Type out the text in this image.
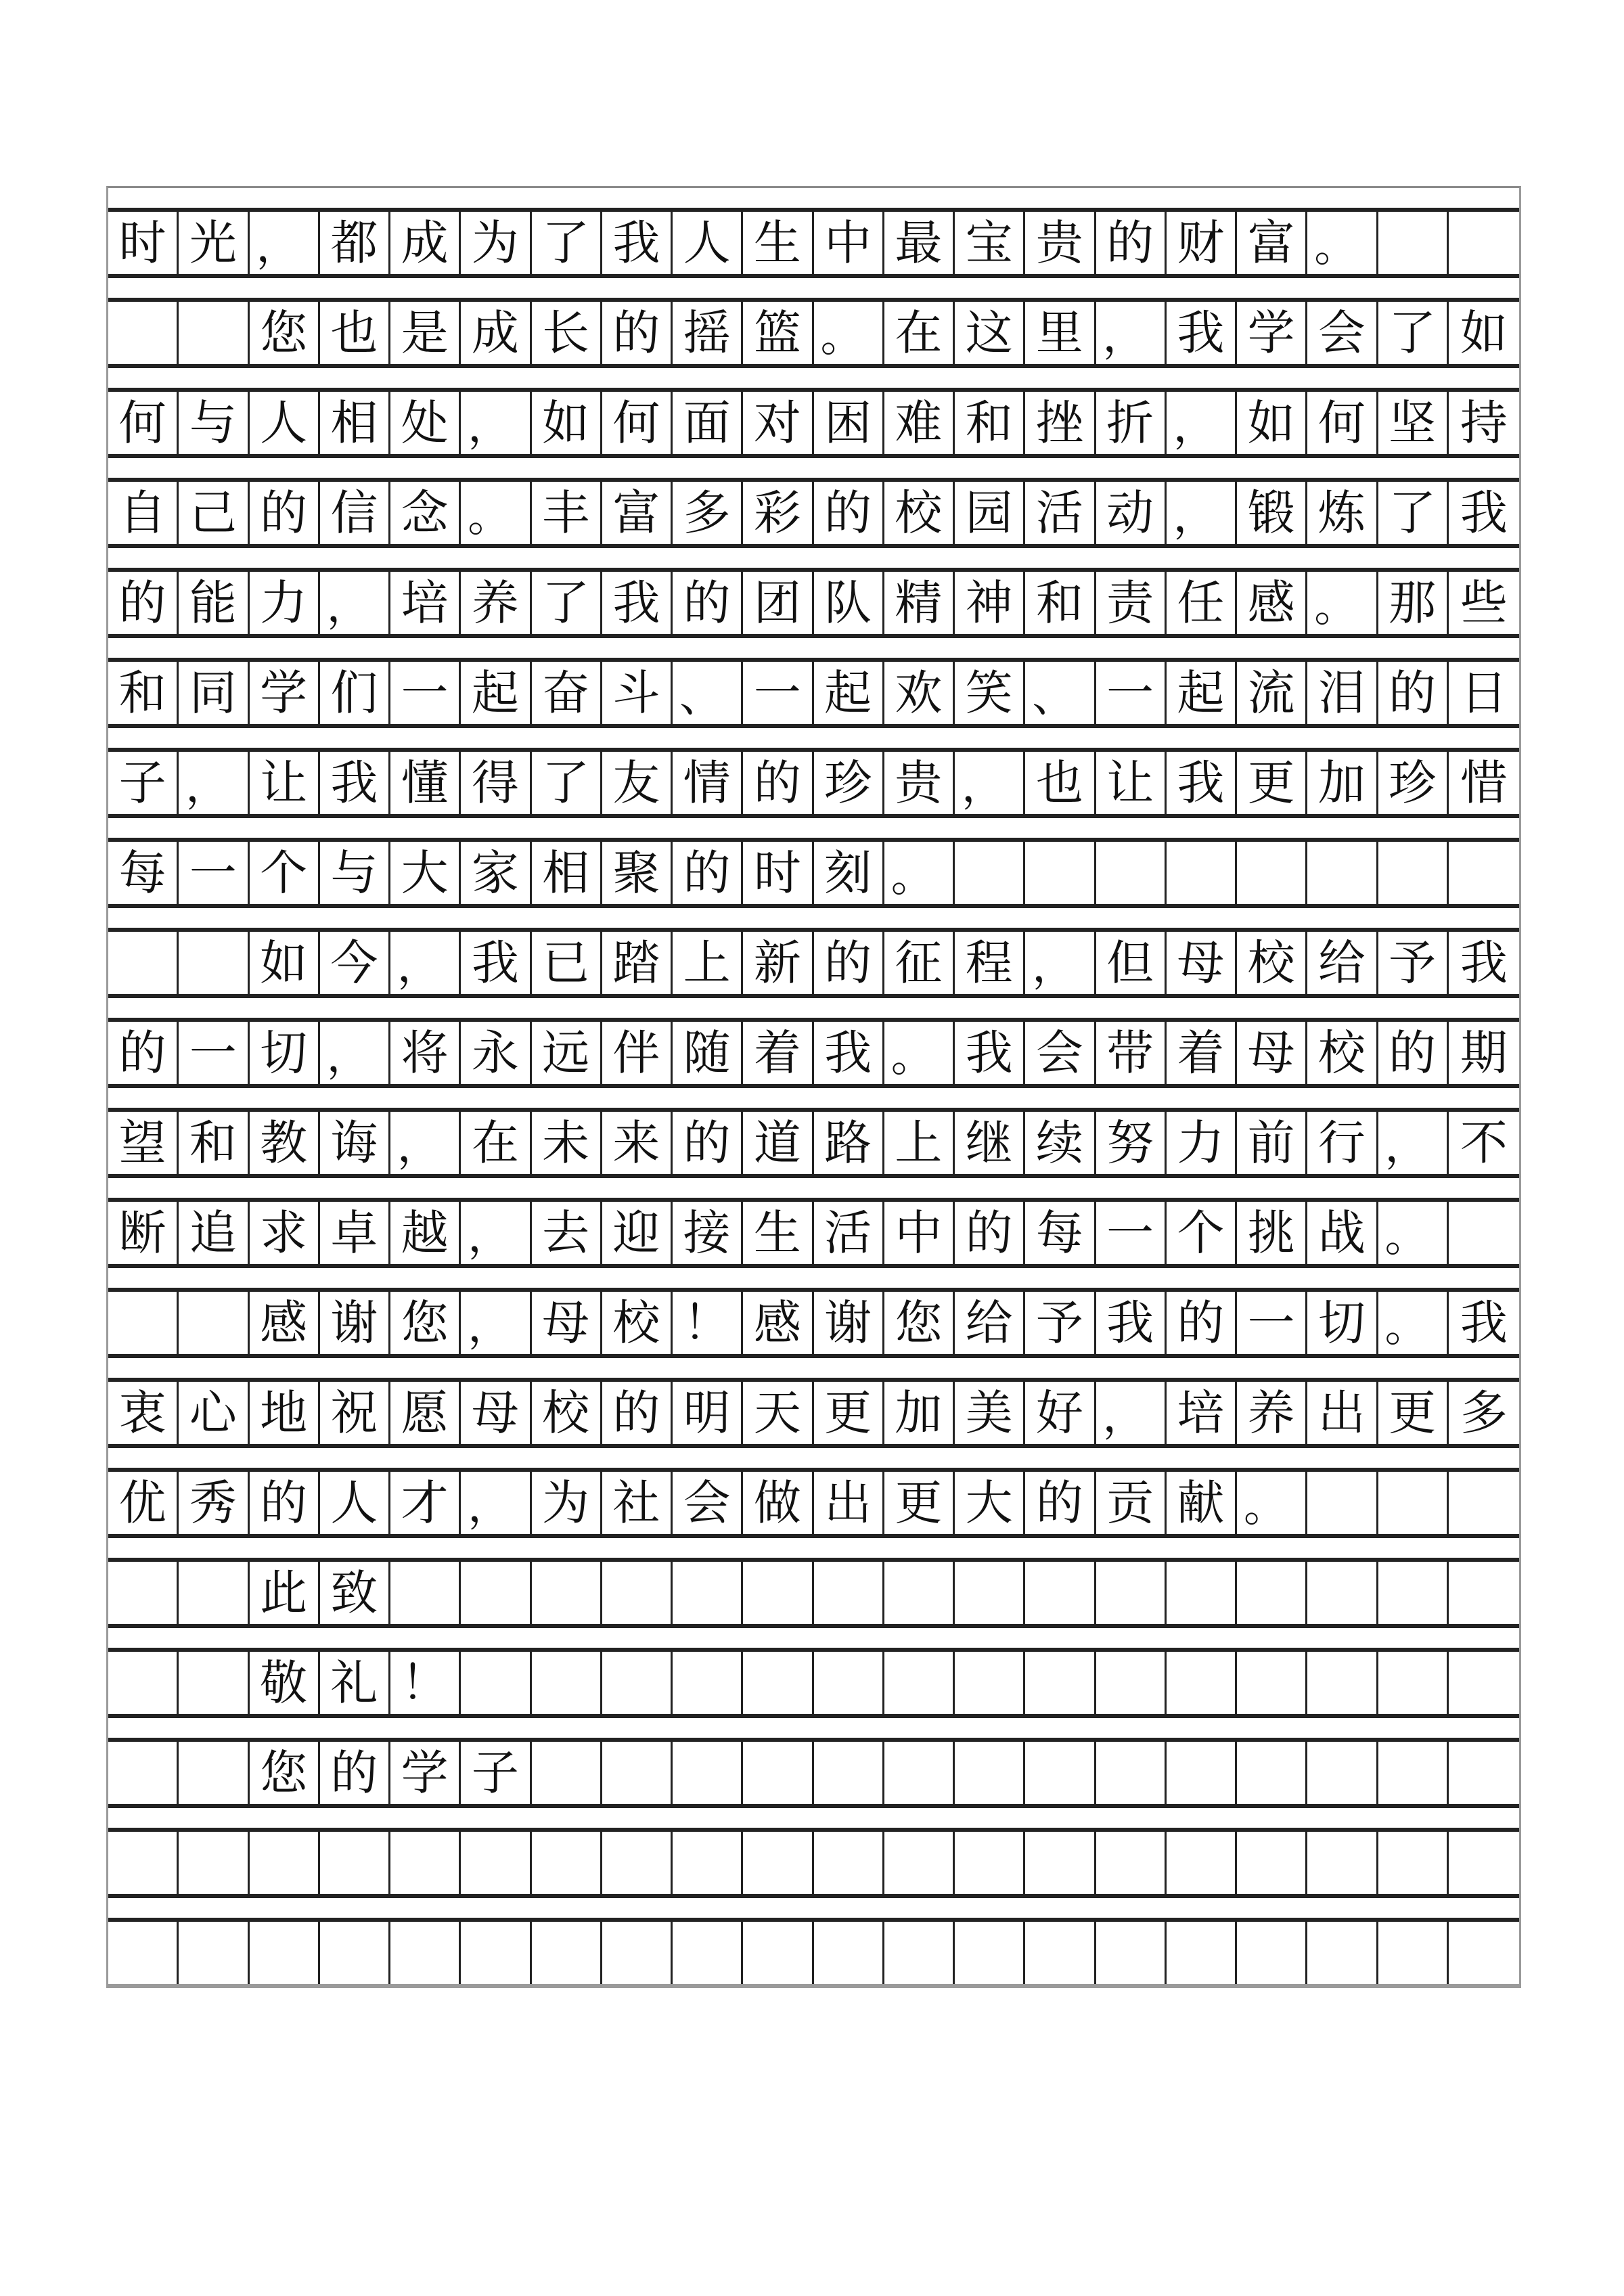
时 光 ， 都 成 为 了 我 人 生 中 最 宝 贵 的 财 富 。
您 也 是 成 长 的 摇 篮 。 在 这 里 ， 我 学 会 了 如
何 与 人 相 处 ， 如 何 面 对 困 难 和 挫 折 ， 如 何 坚 持
自 己 的 信 念 。 丰 富 多 彩 的 校 园 活 动 ， 锻 炼 了 我
的 能 力 ， 培 养 了 我 的 团 队 精 神 和 责 任 感 。 那 些
和 同 学 们 一 起 奋 斗 、 一 起 欢 笑 、 一 起 流 泪 的 日
子 ， 让 我 懂 得 了 友 情 的 珍 贵 ， 也 让 我 更 加 珍 惜
每 一 个 与 大 家 相 聚 的 时 刻 。
如 今 ， 我 已 踏 上 新 的 征 程 ， 但 母 校 给 予 我
的 一 切 ， 将 永 远 伴 随 着 我 。 我 会 带 着 母 校 的 期
望 和 教 诲 ， 在 未 来 的 道 路 上 继 续 努 力 前 行 ， 不
断 追 求 卓 越 ， 去 迎 接 生 活 中 的 每 一 个 挑 战 。
感 谢 您 ， 母 校 ！ 感 谢 您 给 予 我 的 一 切 。 我
衷 心 地 祝 愿 母 校 的 明 天 更 加 美 好 ， 培 养 出 更 多
优 秀 的 人 才 ， 为 社 会 做 出 更 大 的 贡 献 。
此 致
敬 礼 ！
您 的 学 子
